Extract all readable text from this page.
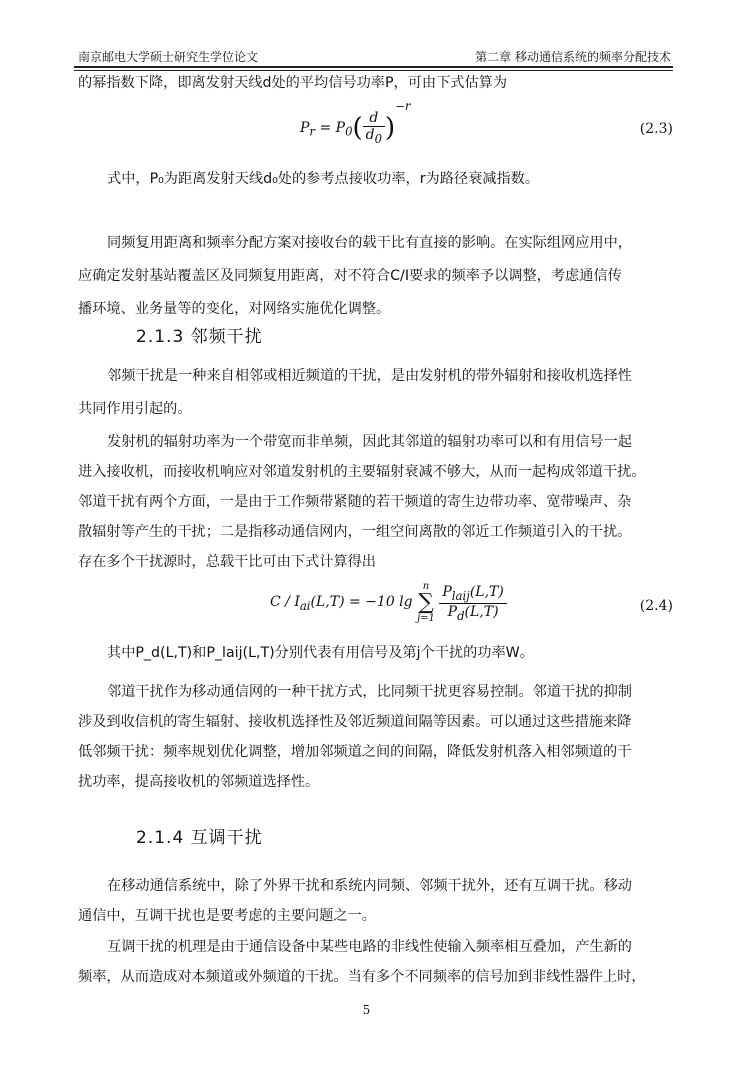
南京邮电大学硕士研究生学位论文	第二章 移动通信系统的频率分配技术
的幂指数下降，即离发射天线d处的平均信号功率P，可由下式估算为
$P_r = P_0( \frac{d}{d_0} )^{-r}$
(2.3)
式中，P₀为距离发射天线d₀处的参考点接收功率，r为路径衰减指数。
同频复用距离和频率分配方案对接收台的载干比有直接的影响。在实际组网应用中，
应确定发射基站覆盖区及同频复用距离，对不符合C/I要求的频率予以调整，考虑通信传
播环境、业务量等的变化，对网络实施优化调整。
2.1.3 邻频干扰
邻频干扰是一种来自相邻或相近频道的干扰，是由发射机的带外辐射和接收机选择性
共同作用引起的。
发射机的辐射功率为一个带宽而非单频，因此其邻道的辐射功率可以和有用信号一起
进入接收机，而接收机响应对邻道发射机的主要辐射衰减不够大，从而一起构成邻道干扰。
邻道干扰有两个方面，一是由于工作频带紧随的若干频道的寄生边带功率、宽带噪声、杂
散辐射等产生的干扰；二是指移动通信网内，一组空间离散的邻近工作频道引入的干扰。
存在多个干扰源时，总载干比可由下式计算得出
$C / I_{ai}(L,T) = -10$ lg
n
∑
j=1
$\frac{P_{laij}(L,T)}{P_d(L,T)}$	(2.4)
其中P_d(L,T)和P_laij(L,T)分别代表有用信号及第j个干扰的功率W。
邻道干扰作为移动通信网的一种干扰方式，比同频干扰更容易控制。邻道干扰的抑制
涉及到收信机的寄生辐射、接收机选择性及邻近频道间隔等因素。可以通过这些措施来降
低邻频干扰：频率规划优化调整，增加邻频道之间的间隔，降低发射机落入相邻频道的干
扰功率，提高接收机的邻频道选择性。
2.1.4 互调干扰
在移动通信系统中，除了外界干扰和系统内同频、邻频干扰外，还有互调干扰。移动
通信中，互调干扰也是要考虑的主要问题之一。
互调干扰的机理是由于通信设备中某些电路的非线性使输入频率相互叠加，产生新的
频率，从而造成对本频道或外频道的干扰。当有多个不同频率的信号加到非线性器件上时，
5
